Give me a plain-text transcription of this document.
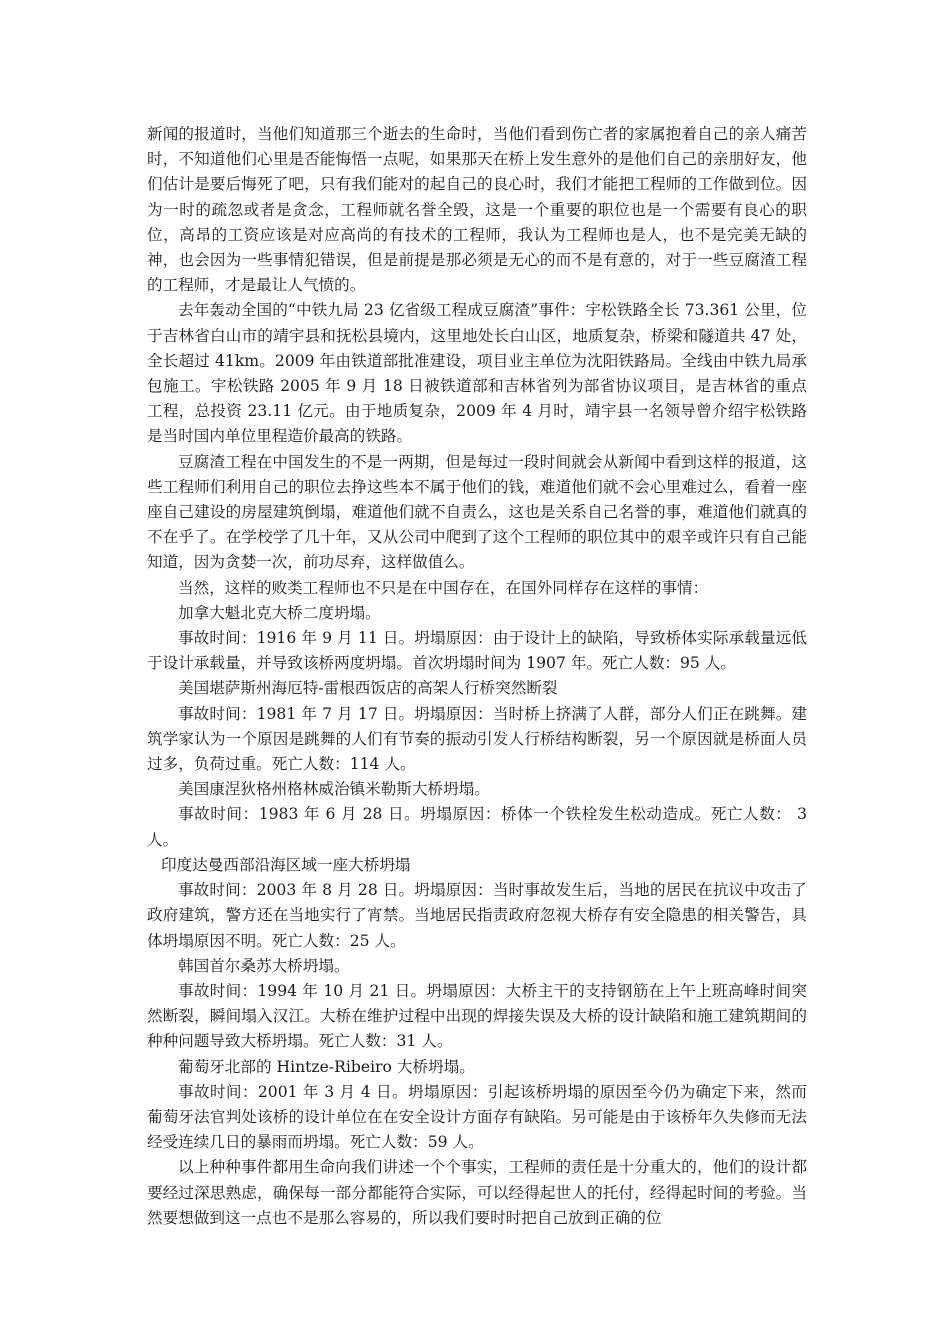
新闻的报道时，当他们知道那三个逝去的生命时，当他们看到伤亡者的家属抱着自己的亲人痛苦时，不知道他们心里是否能悔悟一点呢，如果那天在桥上发生意外的是他们自己的亲朋好友，他们估计是要后悔死了吧，只有我们能对的起自己的良心时，我们才能把工程师的工作做到位。因为一时的疏忽或者是贪念，工程师就名誉全毁，这是一个重要的职位也是一个需要有良心的职位，高昂的工资应该是对应高尚的有技术的工程师，我认为工程师也是人，也不是完美无缺的神，也会因为一些事情犯错误，但是前提是那必须是无心的而不是有意的，对于一些豆腐渣工程的工程师，才是最让人气愤的。

去年轰动全国的“中铁九局 23 亿省级工程成豆腐渣”事件：宇松铁路全长 73.361 公里，位于吉林省白山市的靖宇县和抚松县境内，这里地处长白山区，地质复杂，桥梁和隧道共 47 处，全长超过 41km。2009 年由铁道部批准建设，项目业主单位为沈阳铁路局。全线由中铁九局承包施工。宇松铁路 2005 年 9 月 18 日被铁道部和吉林省列为部省协议项目，是吉林省的重点工程，总投资 23.11 亿元。由于地质复杂，2009 年 4 月时，靖宇县一名领导曾介绍宇松铁路是当时国内单位里程造价最高的铁路。

豆腐渣工程在中国发生的不是一两期，但是每过一段时间就会从新闻中看到这样的报道，这些工程师们利用自己的职位去挣这些本不属于他们的钱，难道他们就不会心里难过么，看着一座座自己建设的房屋建筑倒塌，难道他们就不自责么，这也是关系自己名誉的事，难道他们就真的不在乎了。在学校学了几十年，又从公司中爬到了这个工程师的职位其中的艰辛或许只有自己能知道，因为贪婪一次，前功尽弃，这样做值么。

当然，这样的败类工程师也不只是在中国存在，在国外同样存在这样的事情：

加拿大魁北克大桥二度坍塌。

事故时间：1916 年 9 月 11 日。坍塌原因：由于设计上的缺陷，导致桥体实际承载量远低于设计承载量，并导致该桥两度坍塌。首次坍塌时间为 1907 年。死亡人数：95 人。

美国堪萨斯州海厄特-雷根西饭店的高架人行桥突然断裂

事故时间：1981 年 7 月 17 日。坍塌原因：当时桥上挤满了人群，部分人们正在跳舞。建筑学家认为一个原因是跳舞的人们有节奏的振动引发人行桥结构断裂，另一个原因就是桥面人员过多，负荷过重。死亡人数：114 人。

美国康涅狄格州格林威治镇米勒斯大桥坍塌。

事故时间：1983 年 6 月 28 日。坍塌原因：桥体一个铁栓发生松动造成。死亡人数： 3 人。

印度达曼西部沿海区域一座大桥坍塌

事故时间：2003 年 8 月 28 日。坍塌原因：当时事故发生后，当地的居民在抗议中攻击了政府建筑，警方还在当地实行了宵禁。当地居民指责政府忽视大桥存有安全隐患的相关警告，具体坍塌原因不明。死亡人数：25 人。

韩国首尔桑苏大桥坍塌。

事故时间：1994 年 10 月 21 日。坍塌原因：大桥主干的支持钢筋在上午上班高峰时间突然断裂，瞬间塌入汉江。大桥在维护过程中出现的焊接失误及大桥的设计缺陷和施工建筑期间的种种问题导致大桥坍塌。死亡人数：31 人。

葡萄牙北部的 Hintze-Ribeiro 大桥坍塌。

事故时间：2001 年 3 月 4 日。坍塌原因：引起该桥坍塌的原因至今仍为确定下来，然而葡萄牙法官判处该桥的设计单位在在安全设计方面存有缺陷。另可能是由于该桥年久失修而无法经受连续几日的暴雨而坍塌。死亡人数：59 人。

以上种种事件都用生命向我们讲述一个个事实，工程师的责任是十分重大的，他们的设计都要经过深思熟虑，确保每一部分都能符合实际，可以经得起世人的托付，经得起时间的考验。当然要想做到这一点也不是那么容易的，所以我们要时时把自己放到正确的位
